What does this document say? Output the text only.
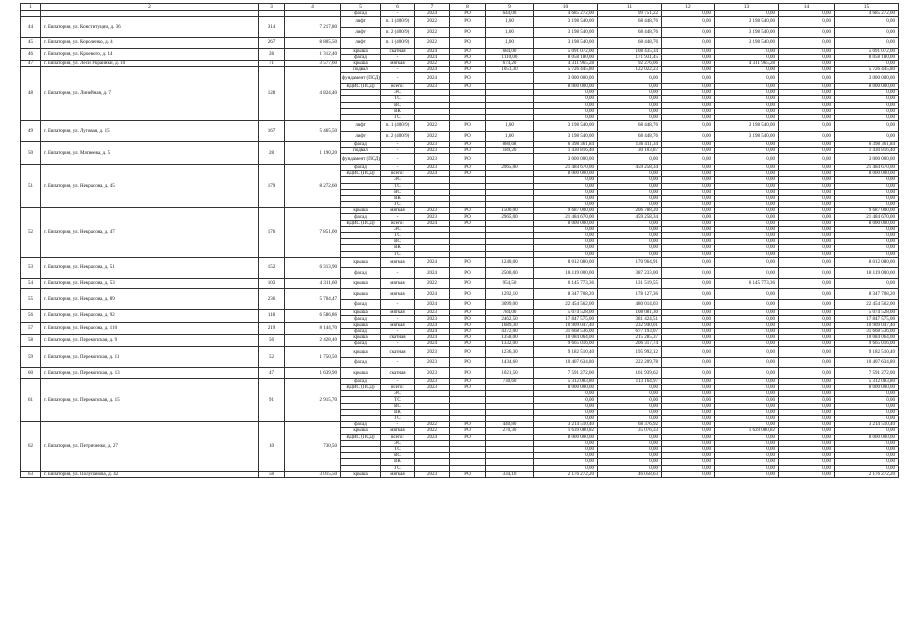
1	2	3	4	5	6	7	8	9	10	11	12	13	14	15
				фасад	-	2024	РО	644,00	4 685 272,00	99 751,22	0,00	0,00	0,00	4 685 272,00
44	г. Евпатория, ул. Конституции, д. 36	314	7 217,80	лифт	п. 1 (400/9)	2022	РО	1,00	3 198 540,00	68 448,76	0,00	3 198 540,00	0,00	0,00
				лифт	п. 2 (400/9)	2022	РО	1,00	3 198 540,00	68 448,76	0,00	3 198 540,00	0,00	0,00
45	г. Евпатория, ул. Короленко, д. 4	267	8 805,50	лифт	п. 1 (400/9)	2022	РО	1,00	3 198 540,00	68 448,76	0,00	3 198 540,00	0,00	0,00
46	г. Евпатория, ул. Кроевого, д. 14	28	1 312,40	крыша	скатная	2024	РО	684,00	5 091 072,00	108 435,34	0,00	0,00	0,00	5 091 072,00
				фасад	-	2024	РО	1110,00	8 058 180,00	171 931,45	0,00	0,00	0,00	8 058 180,00
47	г. Евпатория, ул. Леси Украинки, д. 10	71	3 577,60	крыша	мягкая	2022	РО	674,20	4 311 965,28	92 276,06	0,00	4 311 965,28	0,00	0,00
48	г. Евпатория, ул. Линейная, д. 7	128	4 824,40	подвал	-	2024	РО	1051,30	5 726 445,80	122 022,23	0,00	0,00	0,00	5 726 445,80
				фундамент (ПСД)	-	2024	РО		3 000 000,00	0,00	0,00	0,00	0,00	3 000 000,00
				ВДИС (ПСД)	всего:	2023	РО		8 000 000,00	0,00	0,00	0,00	0,00	8 000 000,00
					ЭС				0,00	0,00	0,00	0,00	0,00	0,00
					ТС				0,00	0,00	0,00	0,00	0,00	0,00
					ВС				0,00	0,00	0,00	0,00	0,00	0,00
					ВК				0,00	0,00	0,00	0,00	0,00	0,00
					ГС				0,00	0,00	0,00	0,00	0,00	0,00
49	г. Евпатория, ул. Луговая, д. 15	167	5 465,50	лифт	п. 1 (400/9)	2022	РО	1,00	3 198 540,00	68 448,76	0,00	3 198 540,00	0,00	0,00
				лифт	п. 2 (400/9)	2022	РО	1,00	3 198 540,00	68 448,76	0,00	3 198 540,00	0,00	0,00
50	г. Евпатория, ул. Матвеева, д. 5	28	1 190,20	фасад	-	2023	РО	880,68	6 398 361,84	136 411,34	0,00	0,00	0,00	6 398 361,84
				подвал	-	2023	РО	189,20	1 430 816,40	30 103,87	0,00	0,00	0,00	1 430 816,40
				фундамент (ПСД)	-	2023	РО		3 000 000,00	0,00	0,00	0,00	0,00	3 000 000,00
51	г. Евпатория, ул. Некрасова, д. 45	179	8 272,60	фасад	-	2023	РО	2965,00	21 484 670,00	459 258,34	0,00	0,00	0,00	21 484 670,00
				ВДИС (ПСД)	всего:	2024	РО		8 000 000,00	0,00	0,00	0,00	0,00	8 000 000,00
					ЭС				0,00	0,00	0,00	0,00	0,00	0,00
					ТС				0,00	0,00	0,00	0,00	0,00	0,00
					ВС				0,00	0,00	0,00	0,00	0,00	0,00
					ВК				0,00	0,00	0,00	0,00	0,00	0,00
					ГС				0,00	0,00	0,00	0,00	0,00	0,00
52	г. Евпатория, ул. Некрасова, д. 47	176	7 851,00	крыша	мягкая	2023	РО	1500,00	9 687 000,00	206 788,20	0,00	0,00	0,00	9 687 000,00
				фасад	-	2023	РО	2965,00	21 484 670,00	459 258,34	0,00	0,00	0,00	21 484 670,00
				ВДИС (ПСД)	всего:	2024	РО		8 000 000,00	0,00	0,00	0,00	0,00	8 000 000,00
					ЭС				0,00	0,00	0,00	0,00	0,00	0,00
					ТС				0,00	0,00	0,00	0,00	0,00	0,00
					ВС				0,00	0,00	0,00	0,00	0,00	0,00
					ВК				0,00	0,00	0,00	0,00	0,00	0,00
					ГС				0,00	0,00	0,00	0,00	0,00	0,00
53	г. Евпатория, ул. Некрасова, д. 51	152	6 313,90	крыша	мягкая	2024	РО	1240,00	8 012 080,00	170 964,91	0,00	0,00	0,00	8 012 080,00
				фасад	-	2024	РО	2500,00	18 119 000,00	387 233,00	0,00	0,00	0,00	18 119 000,00
54	г. Евпатория, ул. Некрасова, д. 53	103	4 311,60	крыша	мягкая	2022	РО	954,50	6 145 773,36	131 519,55	0,00	6 145 773,36	0,00	0,00
55	г. Евпатория, ул. Некрасова, д. 89	236	5 704,47	крыша	мягкая	2024	РО	1292,10	8 347 708,20	178 127,36	0,00	0,00	0,00	8 347 708,20
				фасад	-	2024	РО	3099,00	22 454 562,00	480 014,03	0,00	0,00	0,00	22 454 562,00
56	г. Евпатория, ул. Некрасова, д. 92	118	6 586,86	крыша	мягкая	2023	РО	784,00	5 074 528,00	108 081,30	0,00	0,00	0,00	5 074 528,00
				фасад	-	2023	РО	2462,50	17 847 575,00	381 424,51	0,00	0,00	0,00	17 847 575,00
57	г. Евпатория, ул. Некрасова, д. 110	219	8 144,70	крыша	мягкая	2024	РО	1689,30	10 909 047,40	232 940,01	0,00	0,00	0,00	10 909 047,40
				фасад	-	2024	РО	4372,00	31 668 536,00	677 193,07	0,00	0,00	0,00	31 668 536,00
58	г. Евпатория, ул. Перекопская, д. 9	56	2 428,40	крыша	скатная	2024	РО	1358,00	10 084 064,00	215 285,37	0,00	0,00	0,00	10 084 064,00
				фасад	-	2024	РО	1332,00	9 665 016,00	206 317,74	0,00	0,00	0,00	9 665 016,00
59	г. Евпатория, ул. Перекопская, д. 11	52	1 750,50	крыша	скатная	2023	РО	1236,30	9 182 510,40	195 992,12	0,00	0,00	0,00	9 182 510,40
				фасад	-	2023	РО	1434,60	10 407 634,80	222 209,78	0,00	0,00	0,00	10 407 634,80
60	г. Евпатория, ул. Перекопская, д. 13	47	1 639,90	крыша	скатная	2023	РО	1021,50	7 591 272,00	161 939,62	0,00	0,00	0,00	7 591 272,00
61	г. Евпатория, ул. Перекопская, д. 15	91	2 915,70	фасад	-	2023	РО	730,60	5 312 083,80	113 164,97	0,00	0,00	0,00	5 312 083,80
				ВДИС (ПСД)	всего:	2023	РО		8 000 000,00	0,00	0,00	0,00	0,00	8 000 000,00
					ЭС				0,00	0,00	0,00	0,00	0,00	0,00
					ТС				0,00	0,00	0,00	0,00	0,00	0,00
					ВС				0,00	0,00	0,00	0,00	0,00	0,00
					ВК				0,00	0,00	0,00	0,00	0,00	0,00
					ГС				0,00	0,00	0,00	0,00	0,00	0,00
62	г. Евпатория, ул. Петриченко, д. 27	10	730,50	фасад	-	2022	РО	440,80	3 214 510,40	68 376,92	0,00	0,00	0,00	3 214 510,40
				крыша	мягкая	2022	РО	270,30	1 639 080,82	35 076,33	0,00	1 639 080,82	0,00	0,00
				ВДИС (ПСД)	всего:	2024	РО		8 000 000,00	0,00	0,00	0,00	0,00	8 000 000,00
					ЭС				0,00	0,00	0,00	0,00	0,00	0,00
					ТС				0,00	0,00	0,00	0,00	0,00	0,00
					ВС				0,00	0,00	0,00	0,00	0,00	0,00
					ВК				0,00	0,00	0,00	0,00	0,00	0,00
					ГС				0,00	0,00	0,00	0,00	0,00	0,00
63	г. Евпатория, ул. Полупанова, д. 42	58	3 015,50	крыша	мягкая	2023	РО	334,10	2 176 272,20	46 058,63	0,00	0,00	0,00	2 176 272,20
